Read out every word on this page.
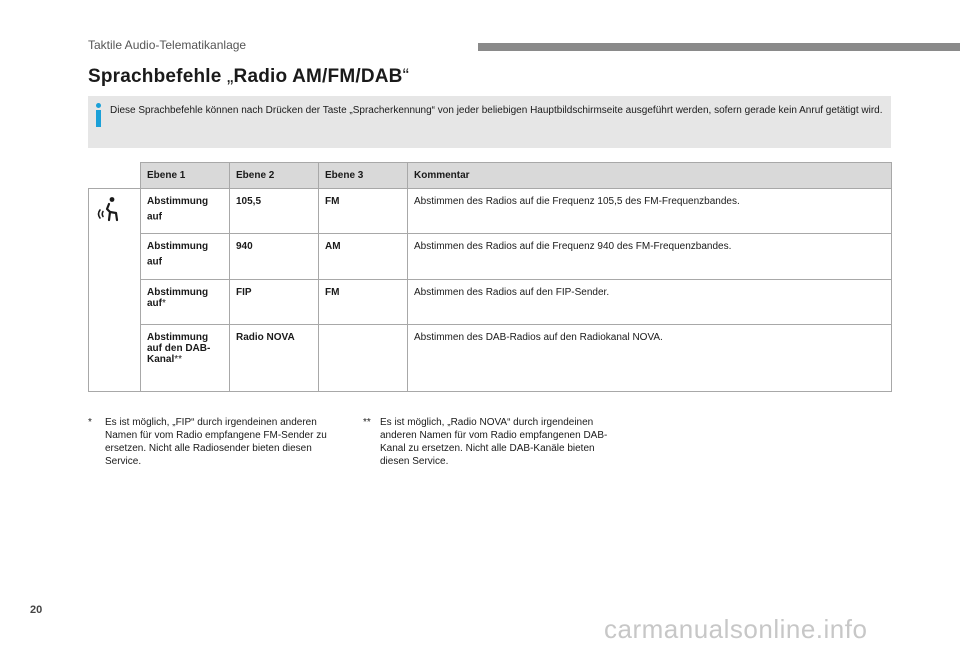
Taktile Audio-Telematikanlage
Sprachbefehle „Radio AM/FM/DAB“
Diese Sprachbefehle können nach Drücken der Taste „Spracherkennung“ von jeder beliebigen Hauptbildschirmseite ausgeführt werden, sofern gerade kein Anruf getätigt wird.
	Ebene 1	Ebene 2	Ebene 3	Kommentar
	Abstimmung auf	105,5	FM	Abstimmen des Radios auf die Frequenz 105,5 des FM-Frequenzbandes.
	Abstimmung auf	940	AM	Abstimmen des Radios auf die Frequenz 940 des FM-Frequenzbandes.
	Abstimmung auf*	FIP	FM	Abstimmen des Radios auf den FIP-Sender.
	Abstimmung auf den DAB-Kanal**	Radio NOVA		Abstimmen des DAB-Radios auf den Radiokanal NOVA.
* Es ist möglich, „FIP“ durch irgendeinen anderen Namen für vom Radio empfangene FM-Sender zu ersetzen. Nicht alle Radiosender bieten diesen Service.
** Es ist möglich, „Radio NOVA“ durch irgendeinen anderen Namen für vom Radio empfangenen DAB-Kanal zu ersetzen. Nicht alle DAB-Kanäle bieten diesen Service.
20
carmanualsonline.info
